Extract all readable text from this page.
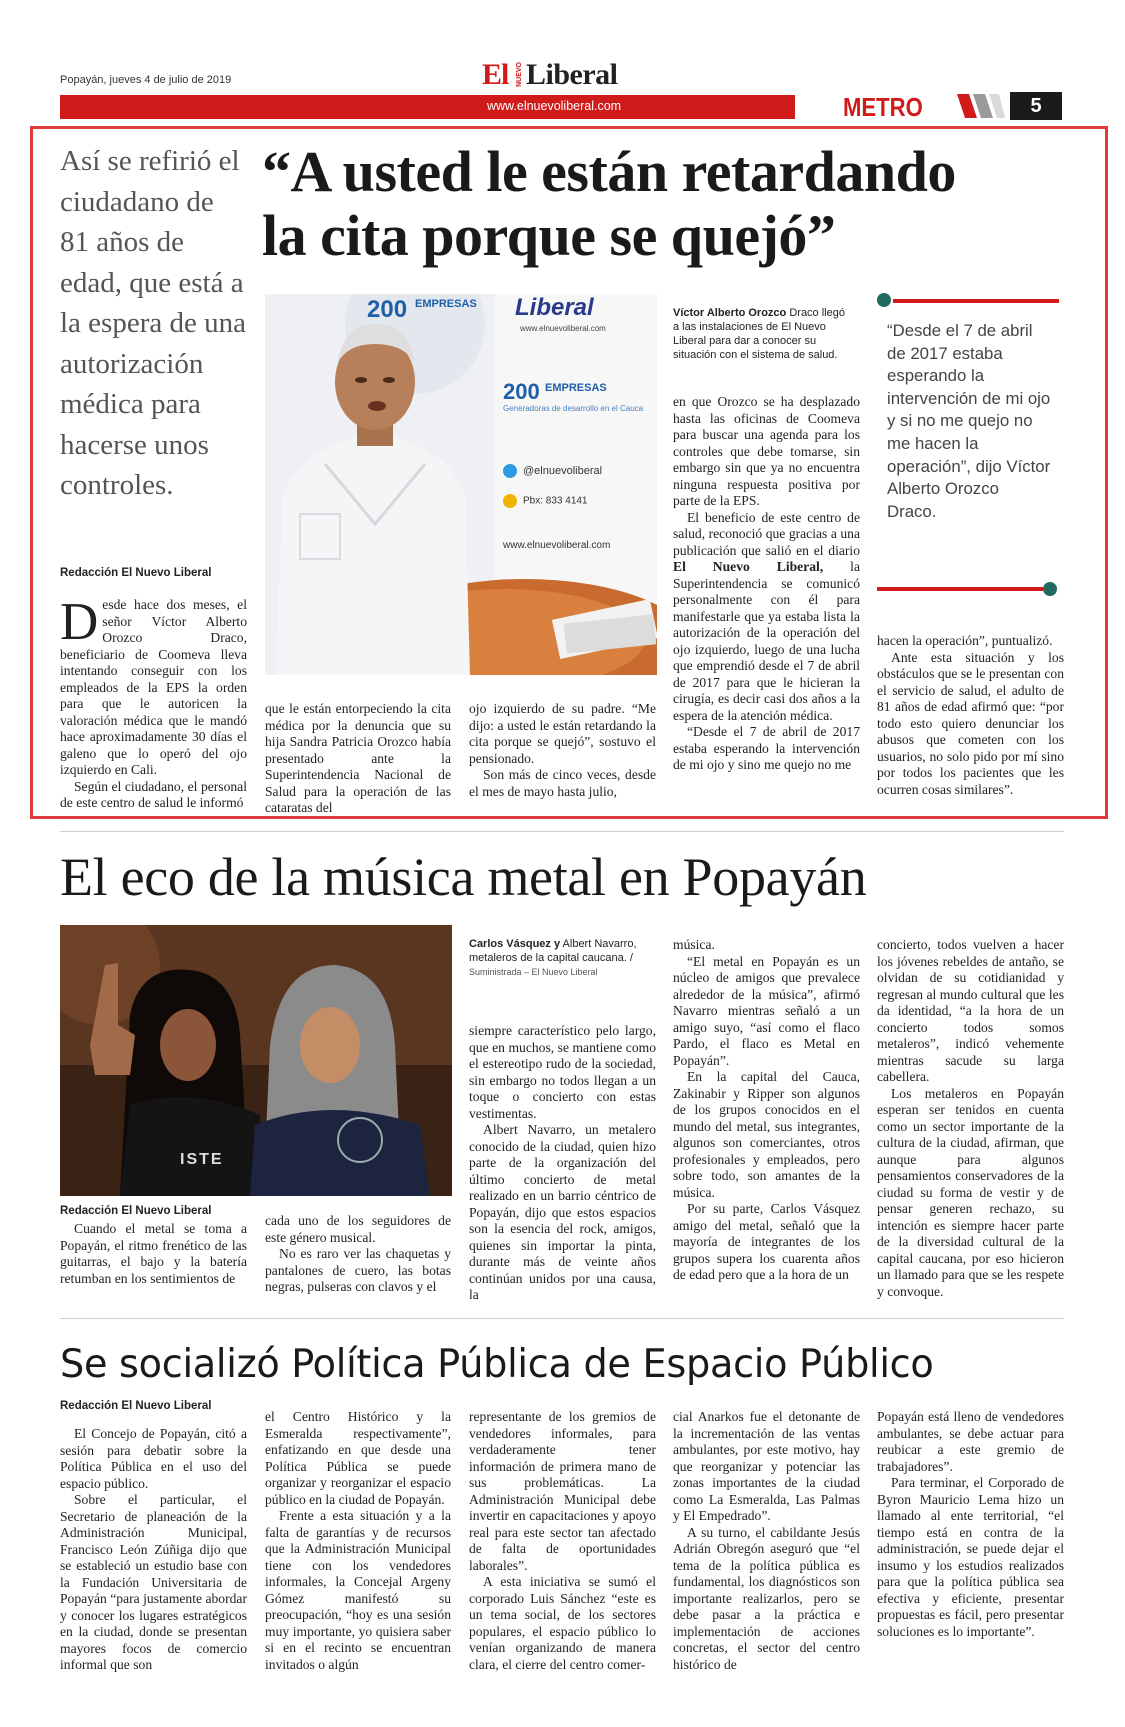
Popayán, jueves 4 de julio de 2019	El NUEVO Liberal
www.elnuevoliberal.com	METRO	5
Así se refirió el ciudadano de 81 años de edad, que está a la espera de una autorización médica para hacerse unos controles.
“A usted le están retardando
la cita porque se quejó”
Redacción El Nuevo Liberal
200 EMPRESAS Liberal
www.elnuevoliberal.com
200 EMPRESAS
Generadoras de desarrollo en el Cauca
@elnuevoliberal
Pbx: 833 4141
www.elnuevoliberal.com
Víctor Alberto Orozco Draco llegó a las instalaciones de El Nuevo Liberal para dar a conocer su situación con el sistema de salud.
“Desde el 7 de abril de 2017 estaba esperando la intervención de mi ojo y si no me quejo no me hacen la operación”, dijo Víctor Alberto Orozco Draco.

Desde hace dos meses, el señor Víctor Alberto Orozco Draco, beneficiario de Coomeva lleva intentando conseguir con los empleados de la EPS la orden para que le autoricen la valoración médica que le mandó hace aproximadamente 30 días el galeno que lo operó del ojo izquierdo en Cali.

Según el ciudadano, el personal de este centro de salud le informó

que le están entorpeciendo la cita médica por la denuncia que su hija Sandra Patricia Orozco había presentado ante la Superintendencia Nacional de Salud para la operación de las cataratas del

ojo izquierdo de su padre. “Me dijo: a usted le están retardando la cita porque se quejó”, sostuvo el pensionado.

Son más de cinco veces, desde el mes de mayo hasta julio,

en que Orozco se ha desplazado hasta las oficinas de Coomeva para buscar una agenda para los controles que debe tomarse, sin embargo sin que ya no encuentra ninguna respuesta positiva por parte de la EPS.

El beneficio de este centro de salud, reconoció que gracias a una publicación que salió en el diario El Nuevo Liberal, la Superintendencia se comunicó personalmente con él para manifestarle que ya estaba lista la autorización de la operación del ojo izquierdo, luego de una lucha que emprendió desde el 7 de abril de 2017 para que le hicieran la cirugía, es decir casi dos años a la espera de la atención médica.

“Desde el 7 de abril de 2017 estaba esperando la intervención de mi ojo y sino me quejo no me

hacen la operación”, puntualizó.

Ante esta situación y los obstáculos que se le presentan con el servicio de salud, el adulto de 81 años de edad afirmó que: “por todo esto quiero denunciar los abusos que cometen con los usuarios, no solo pido por mí sino por todos los pacientes que les ocurren cosas similares”.

El eco de la música metal en Popayán
ISTE
Carlos Vásquez y Albert Navarro, metaleros de la capital caucana. /
Suministrada – El Nuevo Liberal
Redacción El Nuevo Liberal

Cuando el metal se toma a Popayán, el ritmo frenético de las guitarras, el bajo y la batería retumban en los sentimientos de

cada uno de los seguidores de este género musical.

No es raro ver las chaquetas y pantalones de cuero, las botas negras, pulseras con clavos y el

siempre característico pelo largo, que en muchos, se mantiene como el estereotipo rudo de la sociedad, sin embargo no todos llegan a un toque o concierto con estas vestimentas.

Albert Navarro, un metalero conocido de la ciudad, quien hizo parte de la organización del último concierto de metal realizado en un barrio céntrico de Popayán, dijo que estos espacios son la esencia del rock, amigos, quienes sin importar la pinta, durante más de veinte años continúan unidos por una causa, la

música.

“El metal en Popayán es un núcleo de amigos que prevalece alrededor de la música”, afirmó Navarro mientras señaló a un amigo suyo, “así como el flaco Pardo, el flaco es Metal en Popayán”.

En la capital del Cauca, Zakinabir y Ripper son algunos de los grupos conocidos en el mundo del metal, sus integrantes, algunos son comerciantes, otros profesionales y empleados, pero sobre todo, son amantes de la música.

Por su parte, Carlos Vásquez amigo del metal, señaló que la mayoría de integrantes de los grupos supera los cuarenta años de edad pero que a la hora de un

concierto, todos vuelven a hacer los jóvenes rebeldes de antaño, se olvidan de su cotidianidad y regresan al mundo cultural que les da identidad, “a la hora de un concierto todos somos metaleros”, indicó vehemente mientras sacude su larga cabellera.

Los metaleros en Popayán esperan ser tenidos en cuenta como un sector importante de la cultura de la ciudad, afirman, que aunque para algunos pensamientos conservadores de la ciudad su forma de vestir y de pensar generen rechazo, su intención es siempre hacer parte de la diversidad cultural de la capital caucana, por eso hicieron un llamado para que se les respete y convoque.

Se socializó Política Pública de Espacio Público
Redacción El Nuevo Liberal

El Concejo de Popayán, citó a sesión para debatir sobre la Política Pública en el uso del espacio público.

Sobre el particular, el Secretario de planeación de la Administración Municipal, Francisco León Zúñiga dijo que se estableció un estudio base con la Fundación Universitaria de Popayán “para justamente abordar y conocer los lugares estratégicos en la ciudad, donde se presentan mayores focos de comercio informal que son

el Centro Histórico y la Esmeralda respectivamente”, enfatizando en que desde una Política Pública se puede organizar y reorganizar el espacio público en la ciudad de Popayán.

Frente a esta situación y a la falta de garantías y de recursos que la Administración Municipal tiene con los vendedores informales, la Concejal Argeny Gómez manifestó su preocupación, “hoy es una sesión muy importante, yo quisiera saber si en el recinto se encuentran invitados o algún

representante de los gremios de vendedores informales, para verdaderamente tener información de primera mano de sus problemáticas. La Administración Municipal debe invertir en capacitaciones y apoyo real para este sector tan afectado de falta de oportunidades laborales”.

A esta iniciativa se sumó el corporado Luis Sánchez “este es un tema social, de los sectores populares, el espacio público lo venían organizando de manera clara, el cierre del centro comer-

cial Anarkos fue el detonante de la incrementación de las ventas ambulantes, por este motivo, hay que reorganizar y potenciar las zonas importantes de la ciudad como La Esmeralda, Las Palmas y El Empedrado”.

A su turno, el cabildante Jesús Adrián Obregón aseguró que “el tema de la política pública es fundamental, los diagnósticos son importante realizarlos, pero se debe pasar a la práctica e implementación de acciones concretas, el sector del centro histórico de

Popayán está lleno de vendedores ambulantes, se debe actuar para reubicar a este gremio de trabajadores”.

Para terminar, el Corporado de Byron Mauricio Lema hizo un llamado al ente territorial, “el tiempo está en contra de la administración, se puede dejar el insumo y los estudios realizados para que la política pública sea efectiva y eficiente, presentar propuestas es fácil, pero presentar soluciones es lo importante”.
